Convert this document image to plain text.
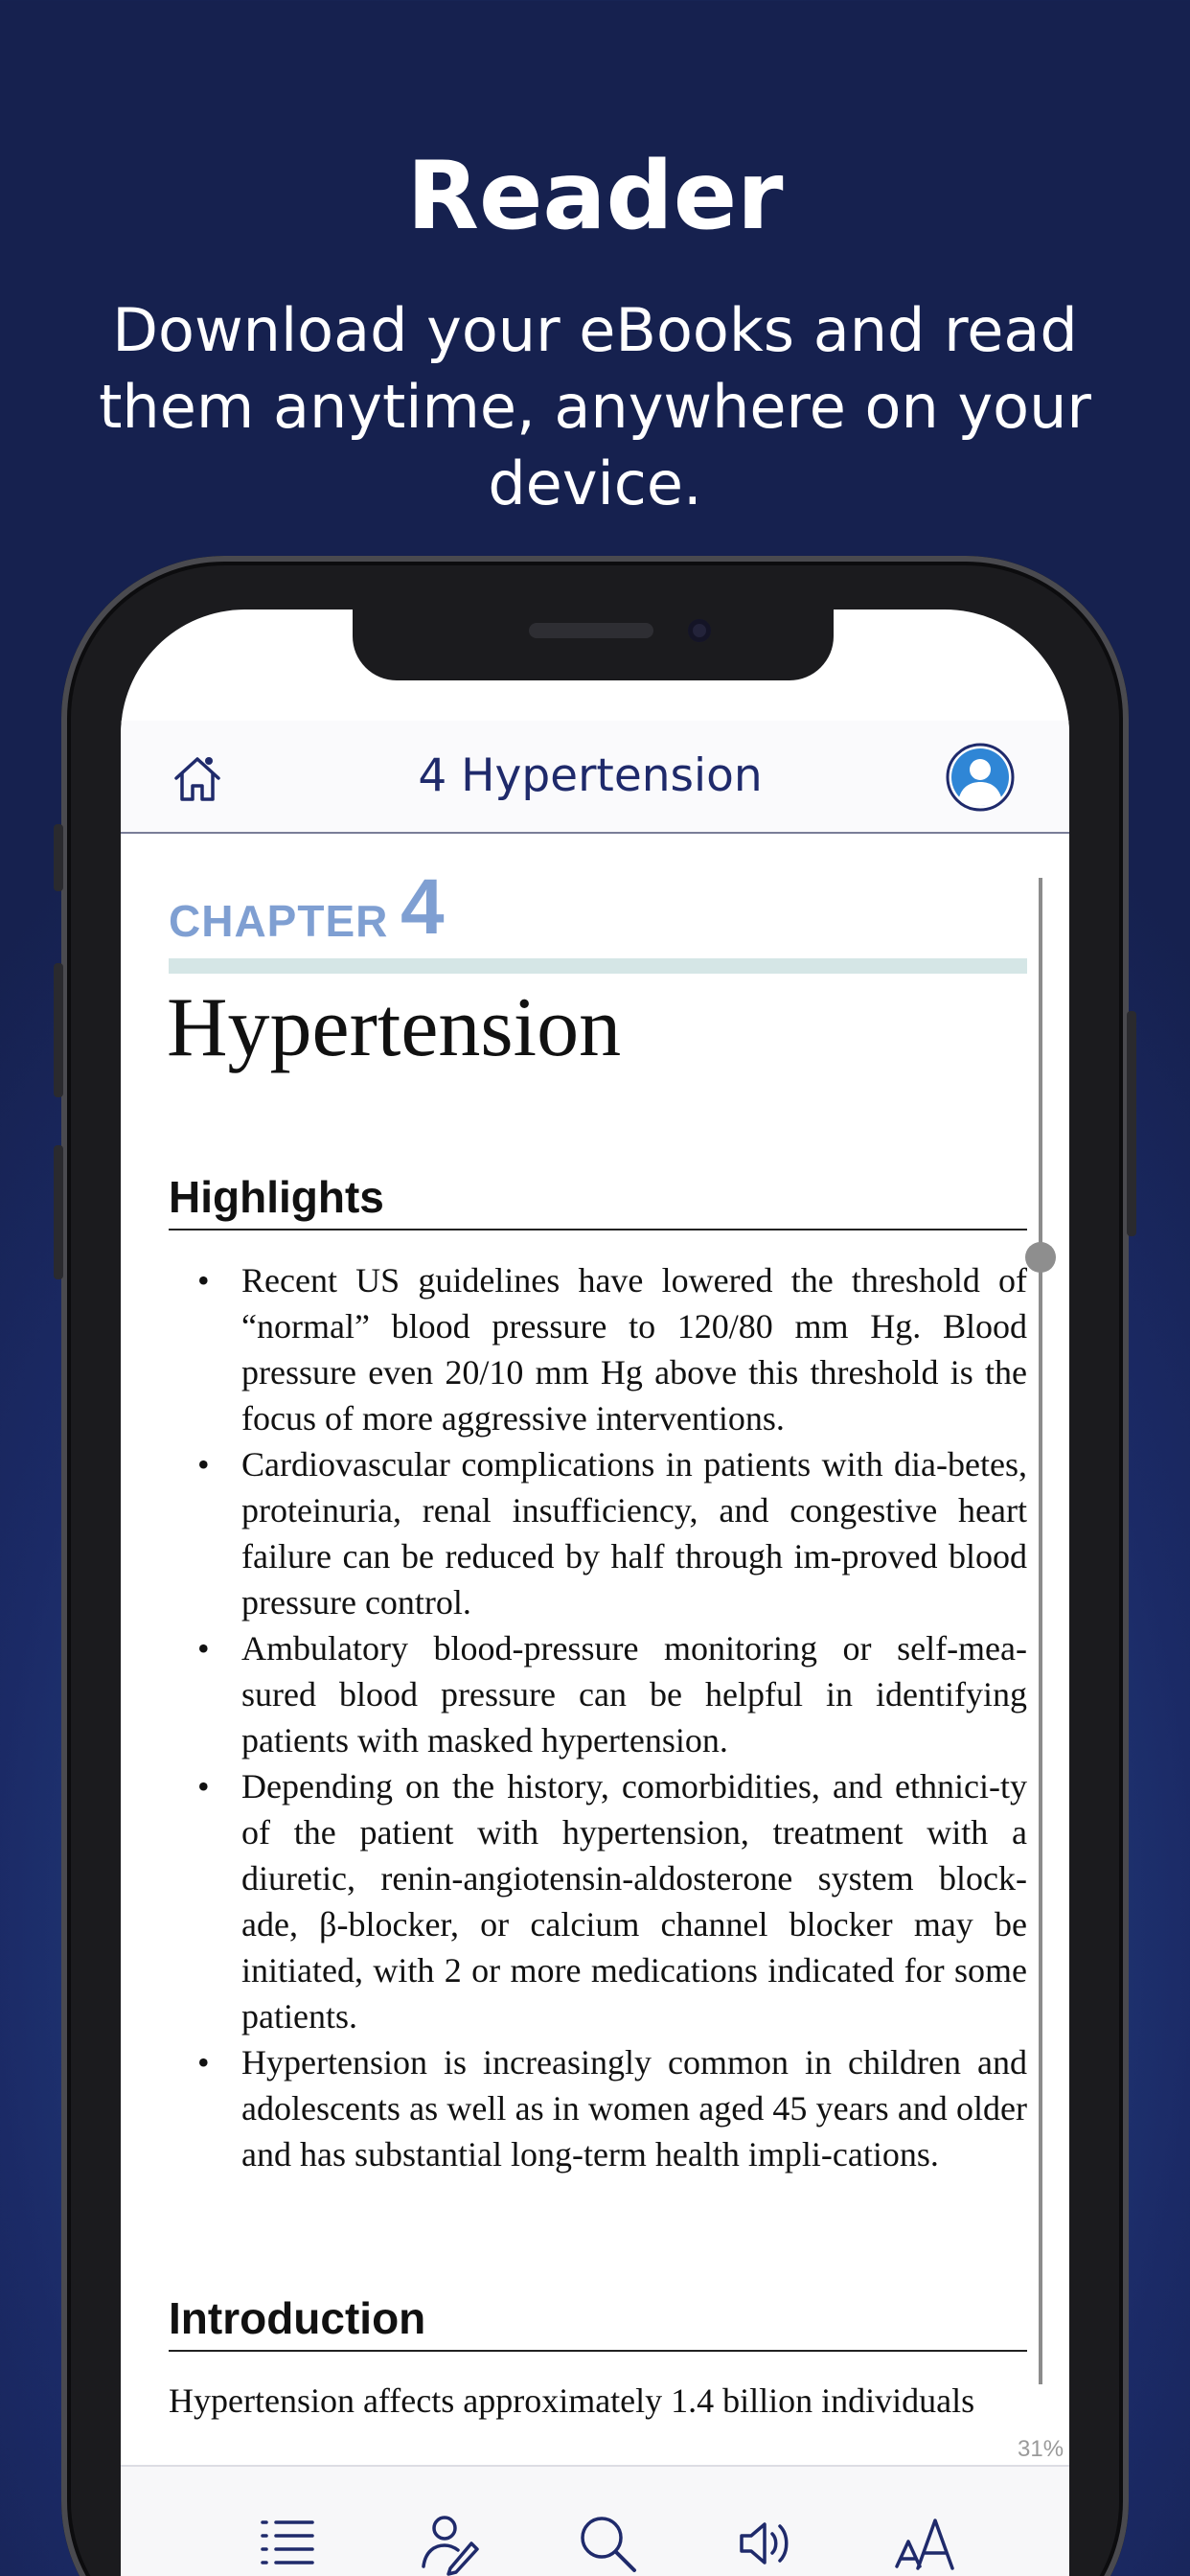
Reader
Download your eBooks and read them anytime, anywhere on your device.
4 Hypertension
CHAPTER 4
Hypertension
Highlights
• Recent US guidelines have lowered the threshold of “normal” blood pressure to 120/80 mm Hg. Blood pressure even 20/10 mm Hg above this threshold is the focus of more aggressive interventions.
• Cardiovascular complications in patients with dia-betes, proteinuria, renal insufficiency, and congestive heart failure can be reduced by half through im-proved blood pressure control.
• Ambulatory blood-pressure monitoring or self-mea-sured blood pressure can be helpful in identifying patients with masked hypertension.
• Depending on the history, comorbidities, and ethnici-ty of the patient with hypertension, treatment with a diuretic, renin-angiotensin-aldosterone system block-ade, β-blocker, or calcium channel blocker may be initiated, with 2 or more medications indicated for some patients.
• Hypertension is increasingly common in children and adolescents as well as in women aged 45 years and older and has substantial long-term health impli-cations.
Introduction
Hypertension affects approximately 1.4 billion individuals
31%
